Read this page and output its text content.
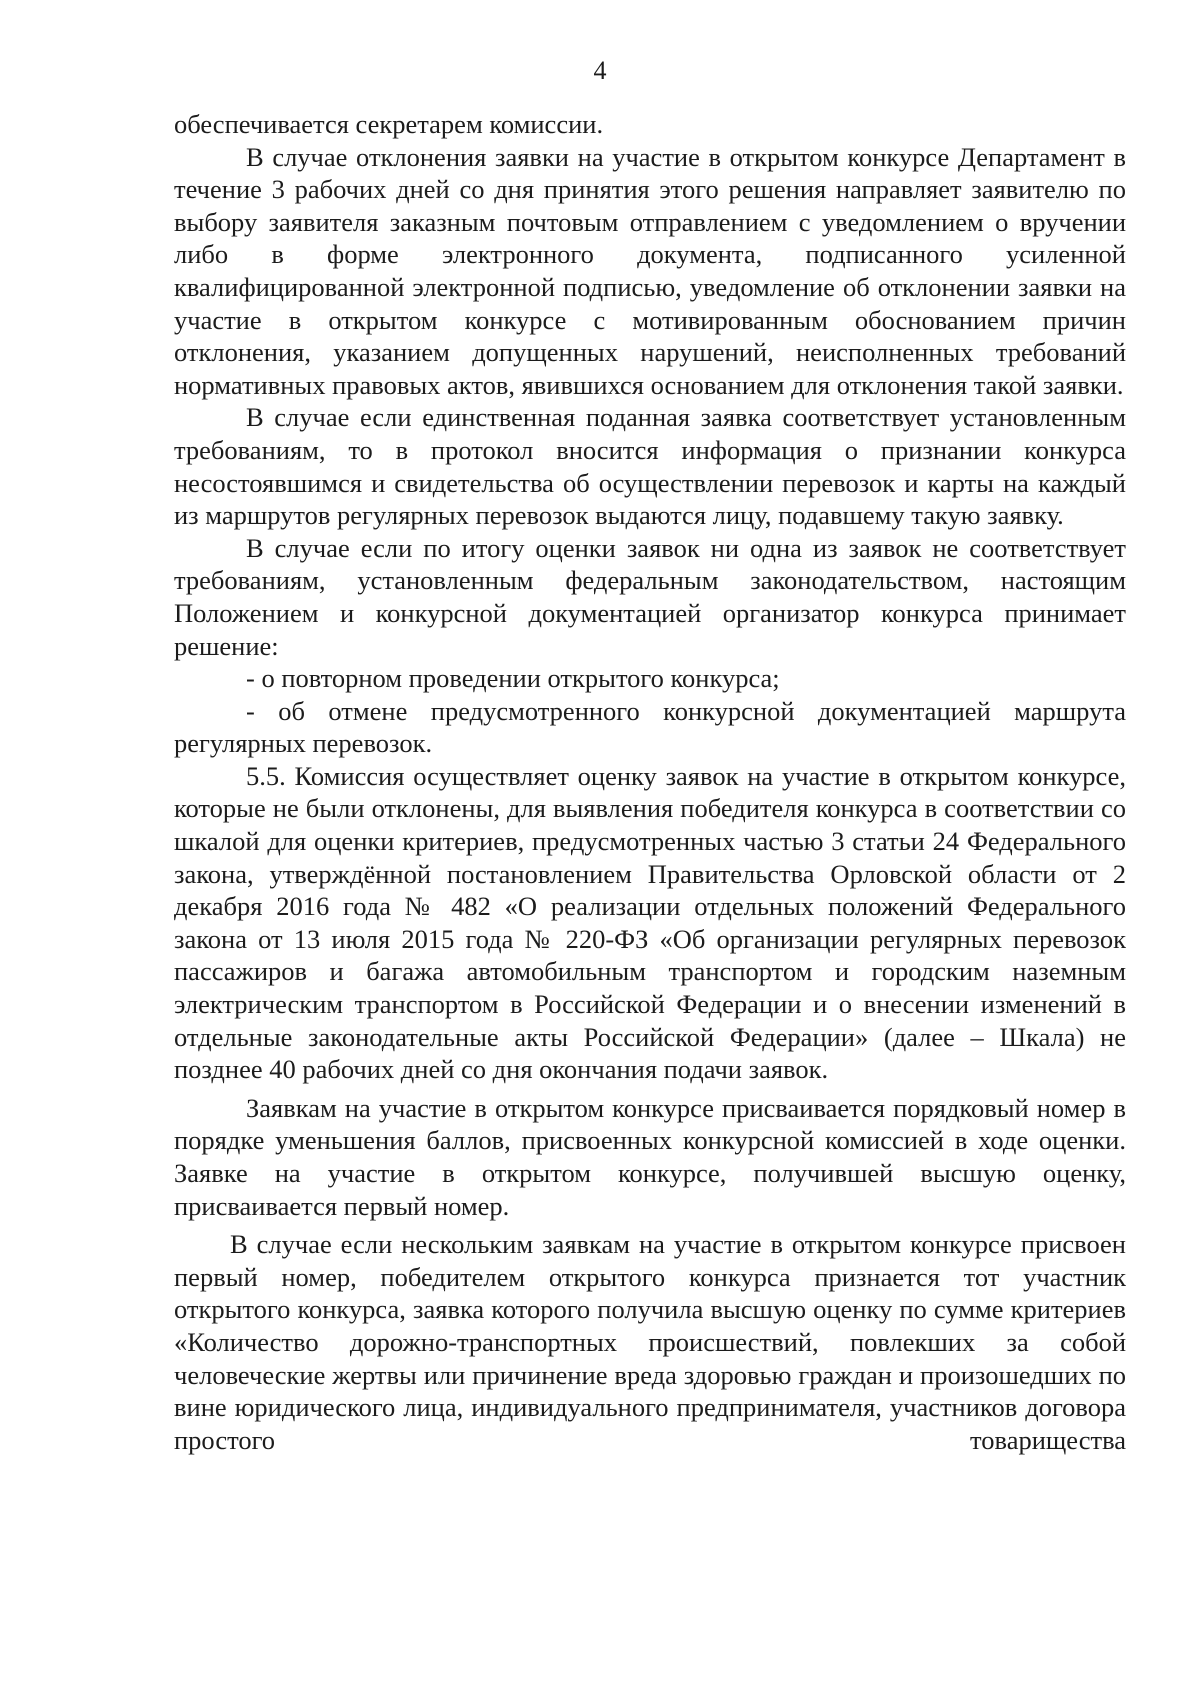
4

обеспечивается секретарем комиссии.

В случае отклонения заявки на участие в открытом конкурсе Департамент в течение 3 рабочих дней со дня принятия этого решения направляет заявителю по выбору заявителя заказным почтовым отправлением с уведомлением о вручении либо в форме электронного документа, подписанного усиленной квалифицированной электронной подписью, уведомление об отклонении заявки на участие в открытом конкурсе с мотивированным обоснованием причин отклонения, указанием допущенных нарушений, неисполненных требований нормативных правовых актов, явившихся основанием для отклонения такой заявки.

В случае если единственная поданная заявка соответствует установленным требованиям, то в протокол вносится информация о признании конкурса несостоявшимся и свидетельства об осуществлении перевозок и карты на каждый из маршрутов регулярных перевозок выдаются лицу, подавшему такую заявку.

В случае если по итогу оценки заявок ни одна из заявок не соответствует требованиям, установленным федеральным законодательством, настоящим Положением и конкурсной документацией организатор конкурса принимает решение:

- о повторном проведении открытого конкурса;

- об отмене предусмотренного конкурсной документацией маршрута регулярных перевозок.

5.5. Комиссия осуществляет оценку заявок на участие в открытом конкурсе, которые не были отклонены, для выявления победителя конкурса в соответствии со шкалой для оценки критериев, предусмотренных частью 3 статьи 24 Федерального закона, утверждённой постановлением Правительства Орловской области от 2 декабря 2016 года № 482 «О реализации отдельных положений Федерального закона от 13 июля 2015 года № 220-ФЗ «Об организации регулярных перевозок пассажиров и багажа автомобильным транспортом и городским наземным электрическим транспортом в Российской Федерации и о внесении изменений в отдельные законодательные акты Российской Федерации» (далее – Шкала) не позднее 40 рабочих дней со дня окончания подачи заявок.

Заявкам на участие в открытом конкурсе присваивается порядковый номер в порядке уменьшения баллов, присвоенных конкурсной комиссией в ходе оценки. Заявке на участие в открытом конкурсе, получившей высшую оценку, присваивается первый номер.

В случае если нескольким заявкам на участие в открытом конкурсе присвоен первый номер, победителем открытого конкурса признается тот участник открытого конкурса, заявка которого получила высшую оценку по сумме критериев «Количество дорожно-транспортных происшествий, повлекших за собой человеческие жертвы или причинение вреда здоровью граждан и произошедших по вине юридического лица, индивидуального предпринимателя, участников договора простого товарищества
